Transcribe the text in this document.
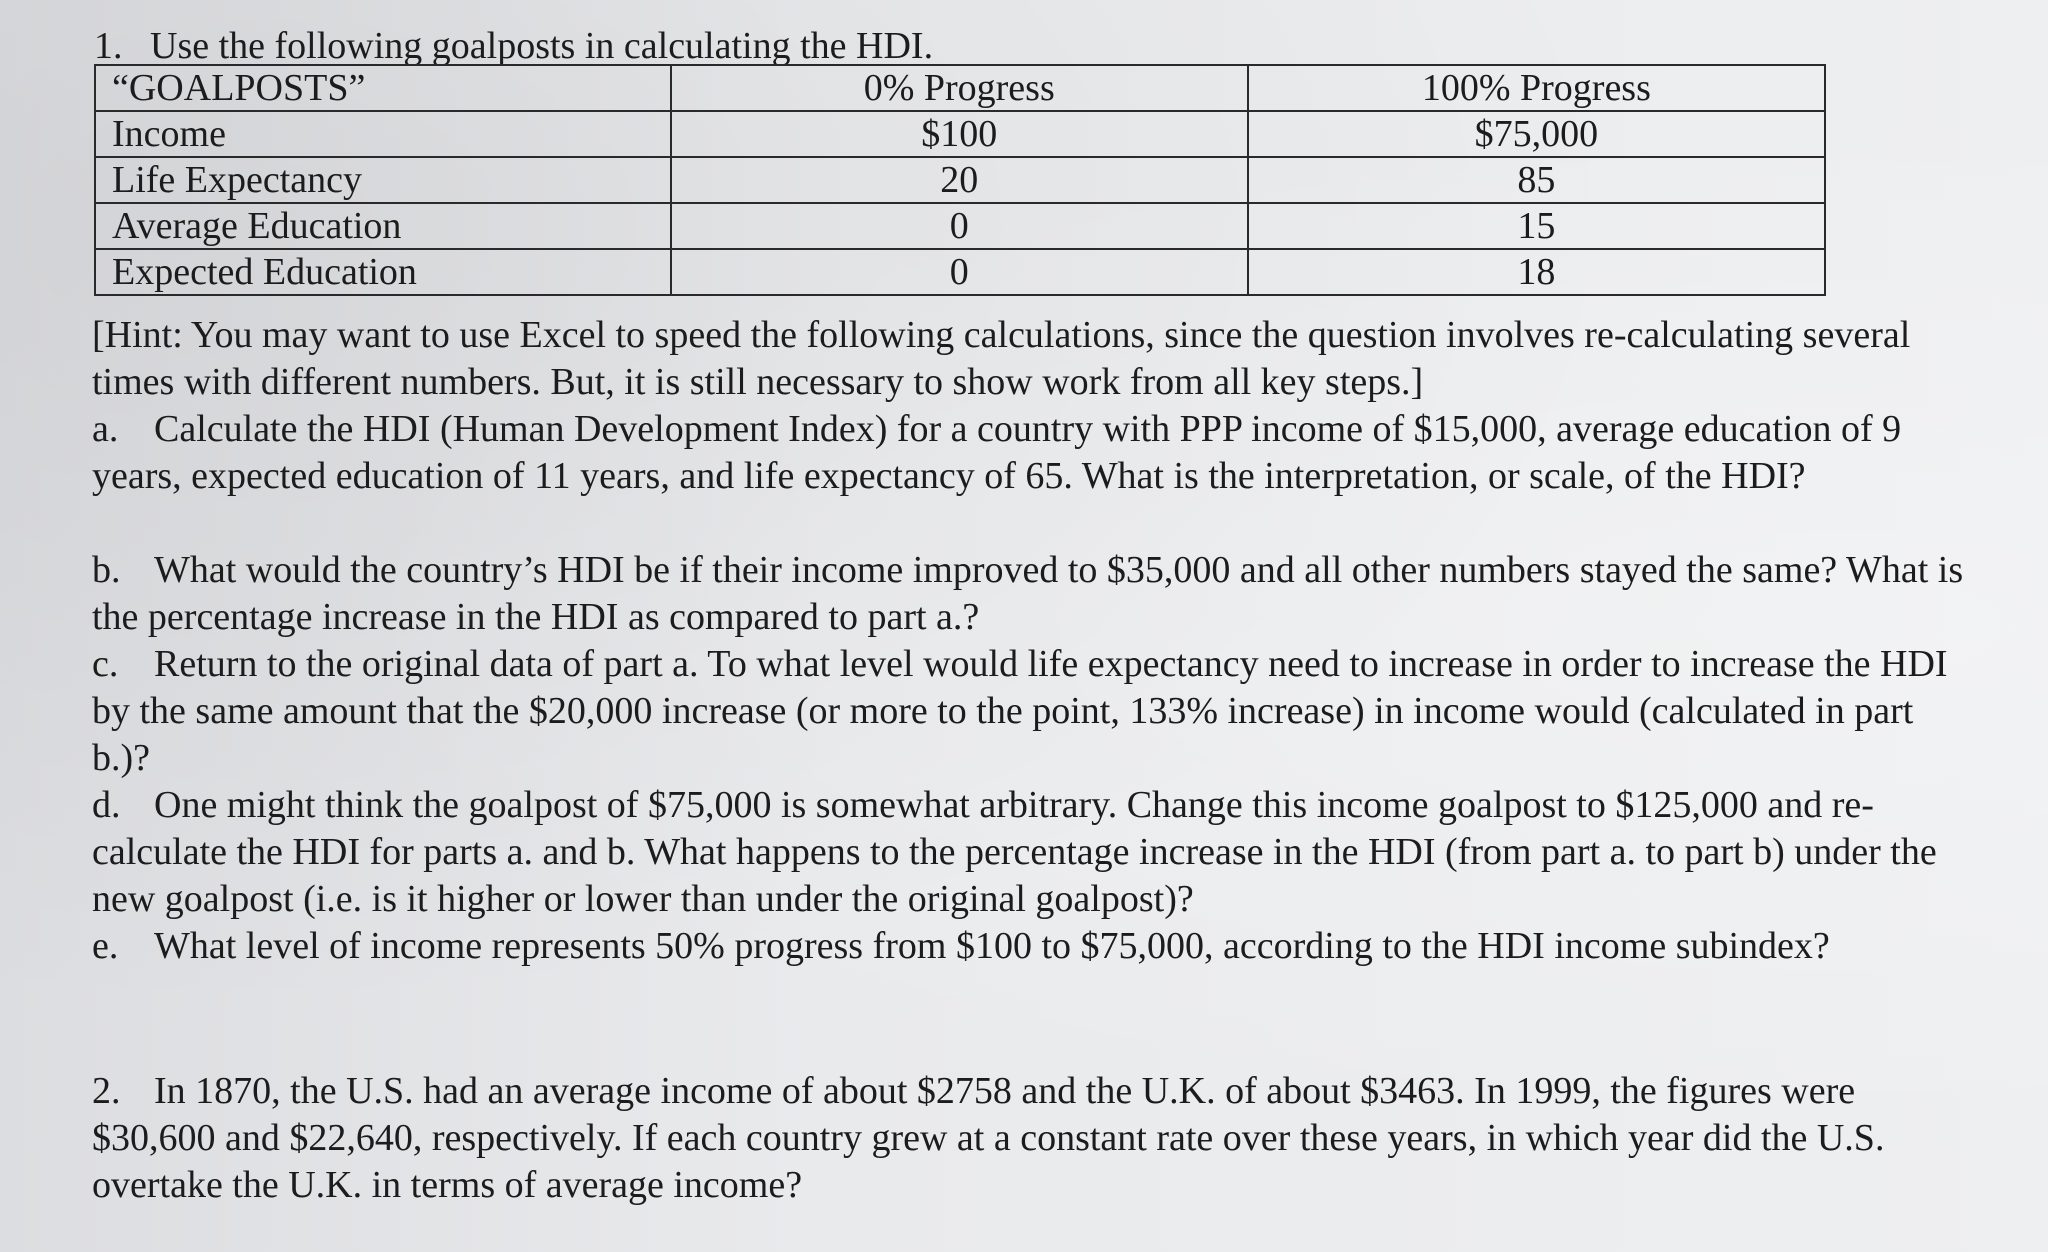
1. Use the following goalposts in calculating the HDI.
“GOALPOSTS”	0% Progress	100% Progress
Income	$100	$75,000
Life Expectancy	20	85
Average Education	0	15
Expected Education	0	18
[Hint: You may want to use Excel to speed the following calculations, since the question involves re-calculating several times with different numbers. But, it is still necessary to show work from all key steps.]
a. Calculate the HDI (Human Development Index) for a country with PPP income of $15,000, average education of 9 years, expected education of 11 years, and life expectancy of 65. What is the interpretation, or scale, of the HDI?
b. What would the country’s HDI be if their income improved to $35,000 and all other numbers stayed the same? What is the percentage increase in the HDI as compared to part a.?
c. Return to the original data of part a. To what level would life expectancy need to increase in order to increase the HDI by the same amount that the $20,000 increase (or more to the point, 133% increase) in income would (calculated in part b.)?
d. One might think the goalpost of $75,000 is somewhat arbitrary. Change this income goalpost to $125,000 and re-calculate the HDI for parts a. and b. What happens to the percentage increase in the HDI (from part a. to part b) under the new goalpost (i.e. is it higher or lower than under the original goalpost)?
e. What level of income represents 50% progress from $100 to $75,000, according to the HDI income subindex?
2. In 1870, the U.S. had an average income of about $2758 and the U.K. of about $3463. In 1999, the figures were $30,600 and $22,640, respectively. If each country grew at a constant rate over these years, in which year did the U.S. overtake the U.K. in terms of average income?
